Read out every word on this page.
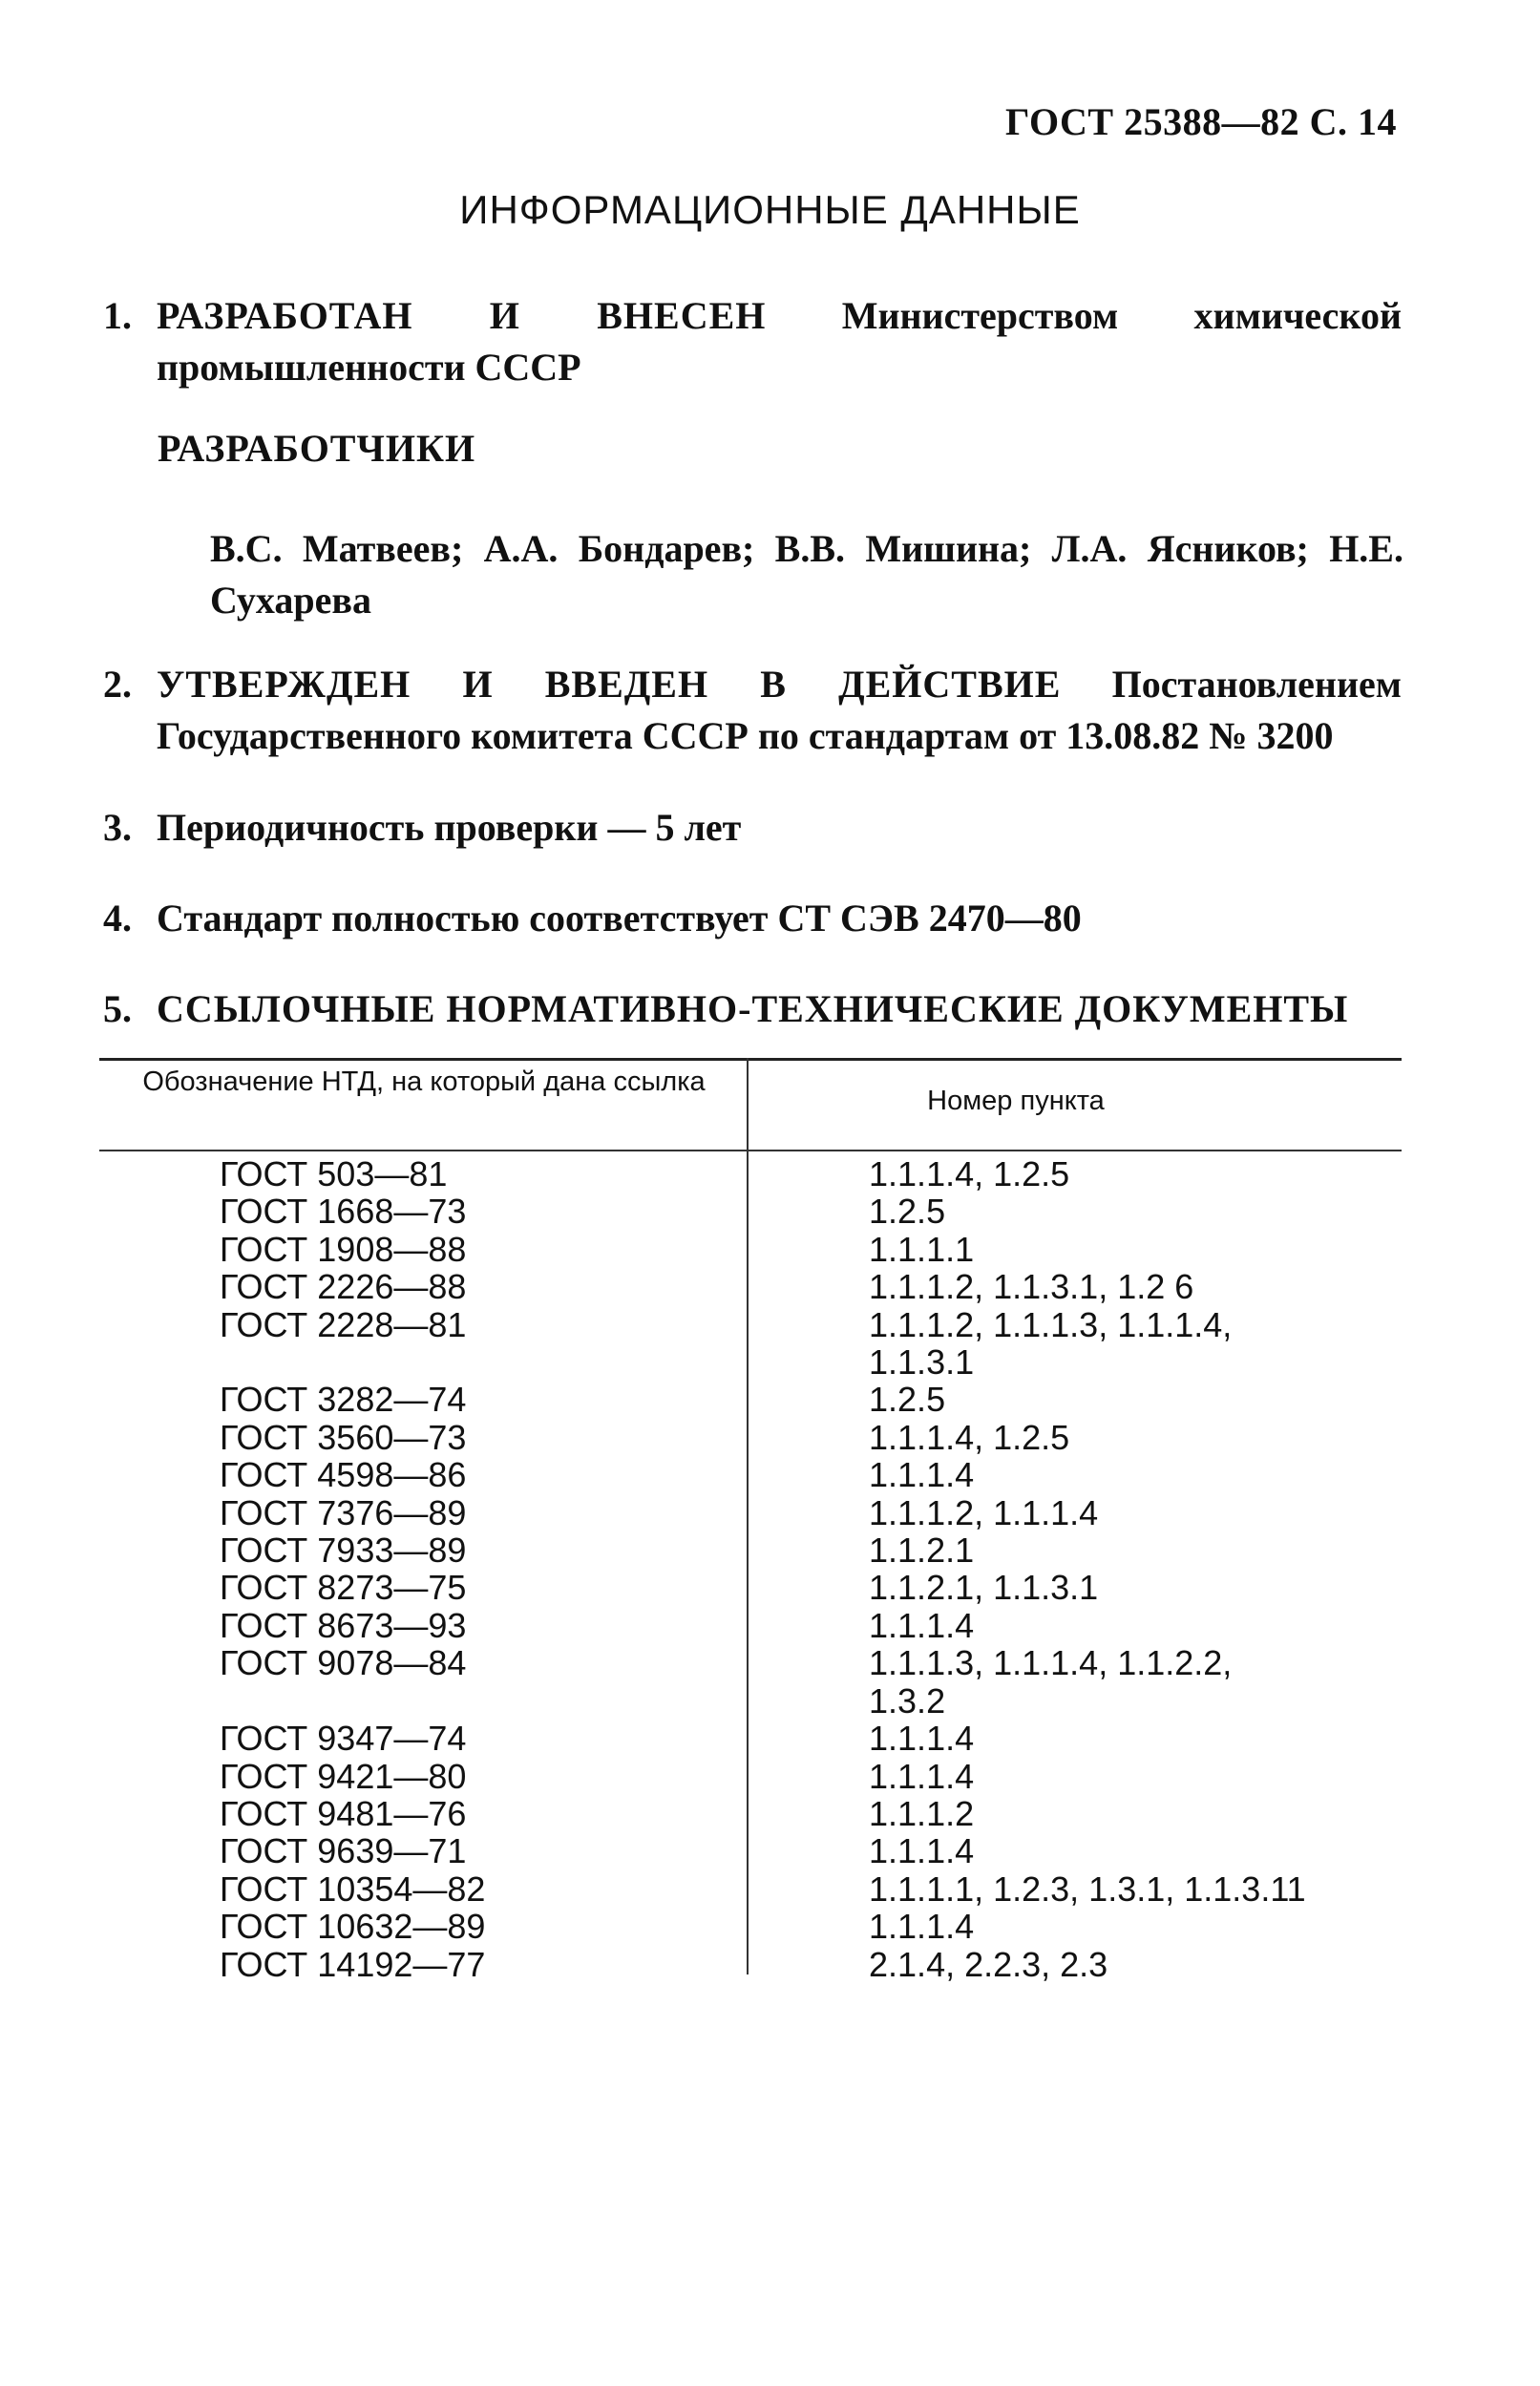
ГОСТ 25388—82 С. 14
ИНФОРМАЦИОННЫЕ ДАННЫЕ
1. РАЗРАБОТАН И ВНЕСЕН Министерством химической промышленности СССР
РАЗРАБОТЧИКИ
В.С. Матвеев; А.А. Бондарев; В.В. Мишина; Л.А. Ясников; Н.Е. Сухарева
2. УТВЕРЖДЕН И ВВЕДЕН В ДЕЙСТВИЕ Постановлением Государственного комитета СССР по стандартам от 13.08.82 № 3200
3. Периодичность проверки — 5 лет
4. Стандарт полностью соответствует СТ СЭВ 2470—80
5. ССЫЛОЧНЫЕ НОРМАТИВНО-ТЕХНИЧЕСКИЕ ДОКУМЕНТЫ
Обозначение НТД, на который дана ссылка
Номер пункта
ГОСТ 503—81	1.1.1.4, 1.2.5
ГОСТ 1668—73	1.2.5
ГОСТ 1908—88	1.1.1.1
ГОСТ 2226—88	1.1.1.2, 1.1.3.1, 1.2 6
ГОСТ 2228—81	1.1.1.2, 1.1.1.3, 1.1.1.4,
1.1.3.1
ГОСТ 3282—74	1.2.5
ГОСТ 3560—73	1.1.1.4, 1.2.5
ГОСТ 4598—86	1.1.1.4
ГОСТ 7376—89	1.1.1.2, 1.1.1.4
ГОСТ 7933—89	1.1.2.1
ГОСТ 8273—75	1.1.2.1, 1.1.3.1
ГОСТ 8673—93	1.1.1.4
ГОСТ 9078—84	1.1.1.3, 1.1.1.4, 1.1.2.2,
1.3.2
ГОСТ 9347—74	1.1.1.4
ГОСТ 9421—80	1.1.1.4
ГОСТ 9481—76	1.1.1.2
ГОСТ 9639—71	1.1.1.4
ГОСТ 10354—82	1.1.1.1, 1.2.3, 1.3.1, 1.1.3.11
ГОСТ 10632—89	1.1.1.4
ГОСТ 14192—77	2.1.4, 2.2.3, 2.3
